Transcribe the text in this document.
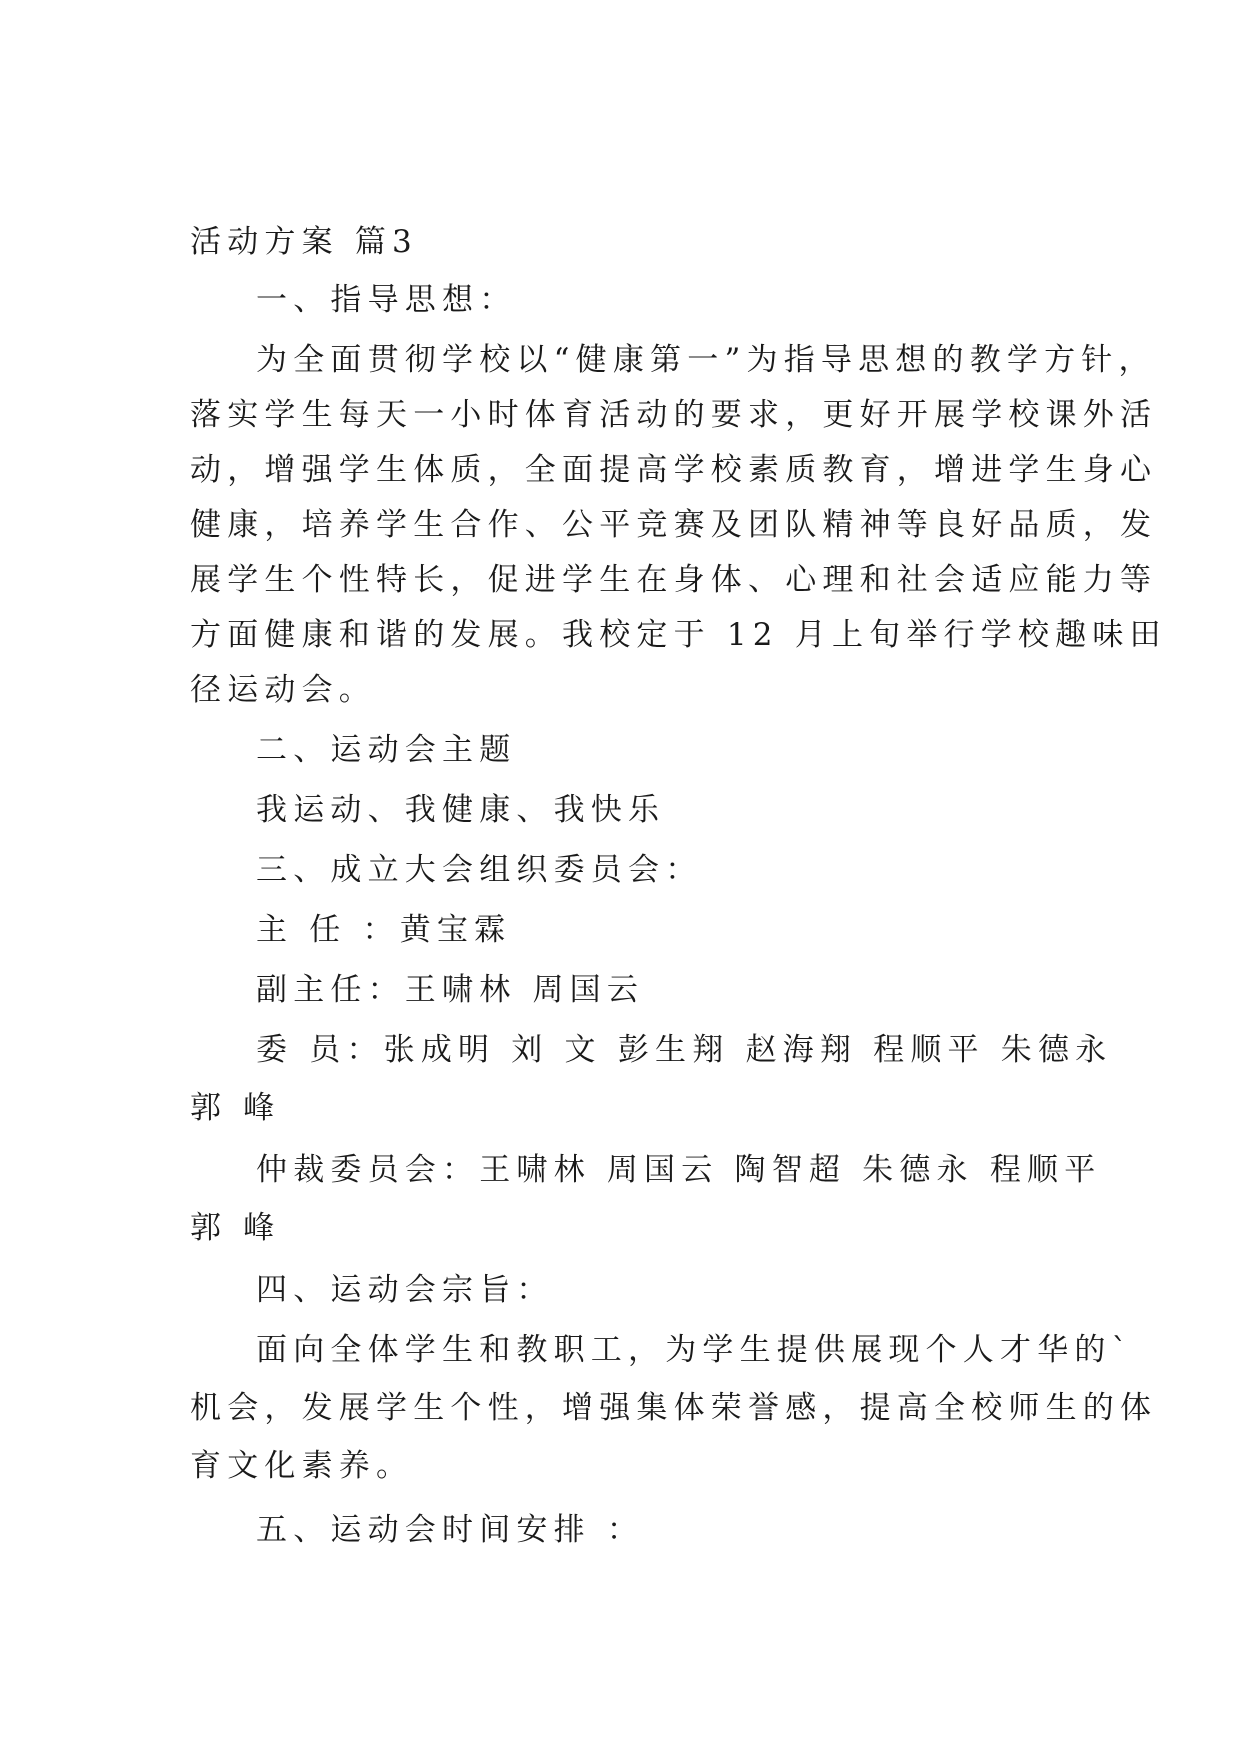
活动方案 篇3
一、指导思想：
为全面贯彻学校以“健康第一”为指导思想的教学方针，
落实学生每天一小时体育活动的要求，更好开展学校课外活
动，增强学生体质，全面提高学校素质教育，增进学生身心
健康，培养学生合作、公平竞赛及团队精神等良好品质，发
展学生个性特长，促进学生在身体、心理和社会适应能力等
方面健康和谐的发展。我校定于 12 月上旬举行学校趣味田
径运动会。
二、运动会主题
我运动、我健康、我快乐
三、成立大会组织委员会：
主 任 ：黄宝霖
副主任：王啸林 周国云
委 员：张成明 刘 文 彭生翔 赵海翔 程顺平 朱德永
郭 峰
仲裁委员会：王啸林 周国云 陶智超 朱德永 程顺平
郭 峰
四、运动会宗旨：
面向全体学生和教职工，为学生提供展现个人才华的`
机会，发展学生个性，增强集体荣誉感，提高全校师生的体
育文化素养。
五、运动会时间安排 ：
